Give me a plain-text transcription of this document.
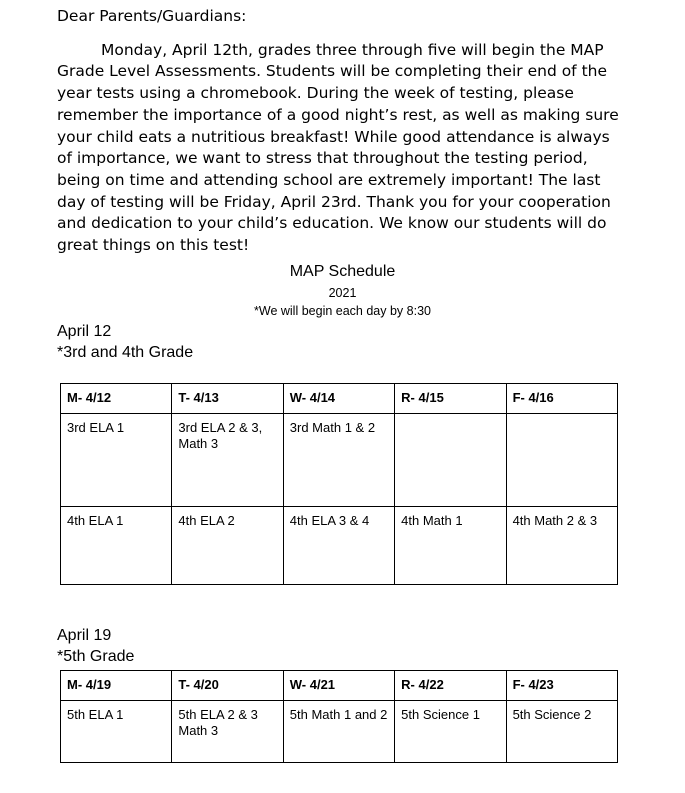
Dear Parents/Guardians:

Monday, April 12th, grades three through five will begin the MAP Grade Level Assessments. Students will be completing their end of the year tests using a chromebook. During the week of testing, please remember the importance of a good night’s rest, as well as making sure your child eats a nutritious breakfast! While good attendance is always of importance, we want to stress that throughout the testing period, being on time and attending school are extremely important! The last day of testing will be Friday, April 23rd. Thank you for your cooperation and dedication to your child’s education. We know our students will do great things on this test!

MAP Schedule
2021
*We will begin each day by 8:30
April 12
*3rd and 4th Grade
M- 4/12	T- 4/13	W- 4/14	R- 4/15	F- 4/16
3rd ELA 1	3rd ELA 2 & 3, Math 3	3rd Math 1 & 2		
4th ELA 1	4th ELA 2	4th ELA 3 & 4	4th Math 1	4th Math 2 & 3
April 19
*5th Grade
M- 4/19	T- 4/20	W- 4/21	R- 4/22	F- 4/23
5th ELA 1	5th ELA 2 & 3 Math 3	5th Math 1 and 2	5th Science 1	5th Science 2
